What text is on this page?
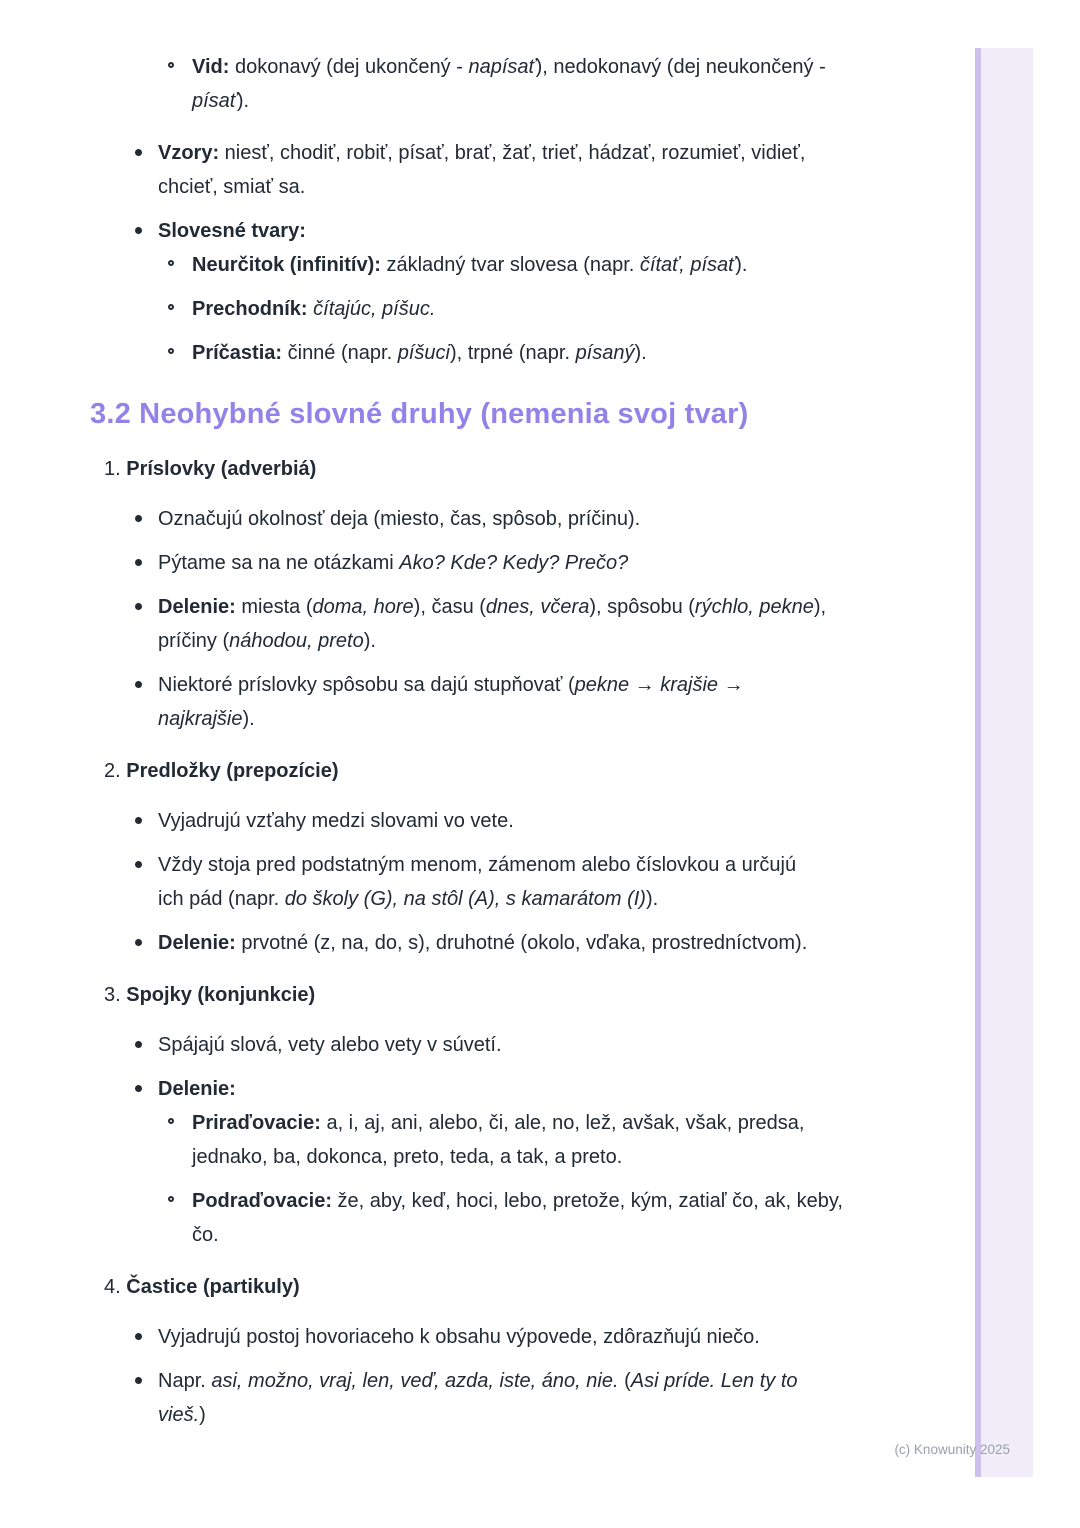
Vid: dokonavý (dej ukončený - napísať), nedokonavý (dej neukončený -
písať).
Vzory: niesť, chodiť, robiť, písať, brať, žať, trieť, hádzať, rozumieť, vidieť,
chcieť, smiať sa.
Slovesné tvary:
Neurčitok (infinitív): základný tvar slovesa (napr. čítať, písať).
Prechodník: čítajúc, píšuc.
Príčastia: činné (napr. píšuci), trpné (napr. písaný).
3.2 Neohybné slovné druhy (nemenia svoj tvar)
1. Príslovky (adverbiá)
Označujú okolnosť deja (miesto, čas, spôsob, príčinu).
Pýtame sa na ne otázkami Ako? Kde? Kedy? Prečo?
Delenie: miesta (doma, hore), času (dnes, včera), spôsobu (rýchlo, pekne),
príčiny (náhodou, preto).
Niektoré príslovky spôsobu sa dajú stupňovať (pekne → krajšie →
najkrajšie).
2. Predložky (prepozície)
Vyjadrujú vzťahy medzi slovami vo vete.
Vždy stoja pred podstatným menom, zámenom alebo číslovkou a určujú
ich pád (napr. do školy (G), na stôl (A), s kamarátom (I)).
Delenie: prvotné (z, na, do, s), druhotné (okolo, vďaka, prostredníctvom).
3. Spojky (konjunkcie)
Spájajú slová, vety alebo vety v súvetí.
Delenie:
Priraďovacie: a, i, aj, ani, alebo, či, ale, no, lež, avšak, však, predsa,
jednako, ba, dokonca, preto, teda, a tak, a preto.
Podraďovacie: že, aby, keď, hoci, lebo, pretože, kým, zatiaľ čo, ak, keby,
čo.
4. Častice (partikuly)
Vyjadrujú postoj hovoriaceho k obsahu výpovede, zdôrazňujú niečo.
Napr. asi, možno, vraj, len, veď, azda, iste, áno, nie. (Asi príde. Len ty to
vieš.)
(c) Knowunity 2025
